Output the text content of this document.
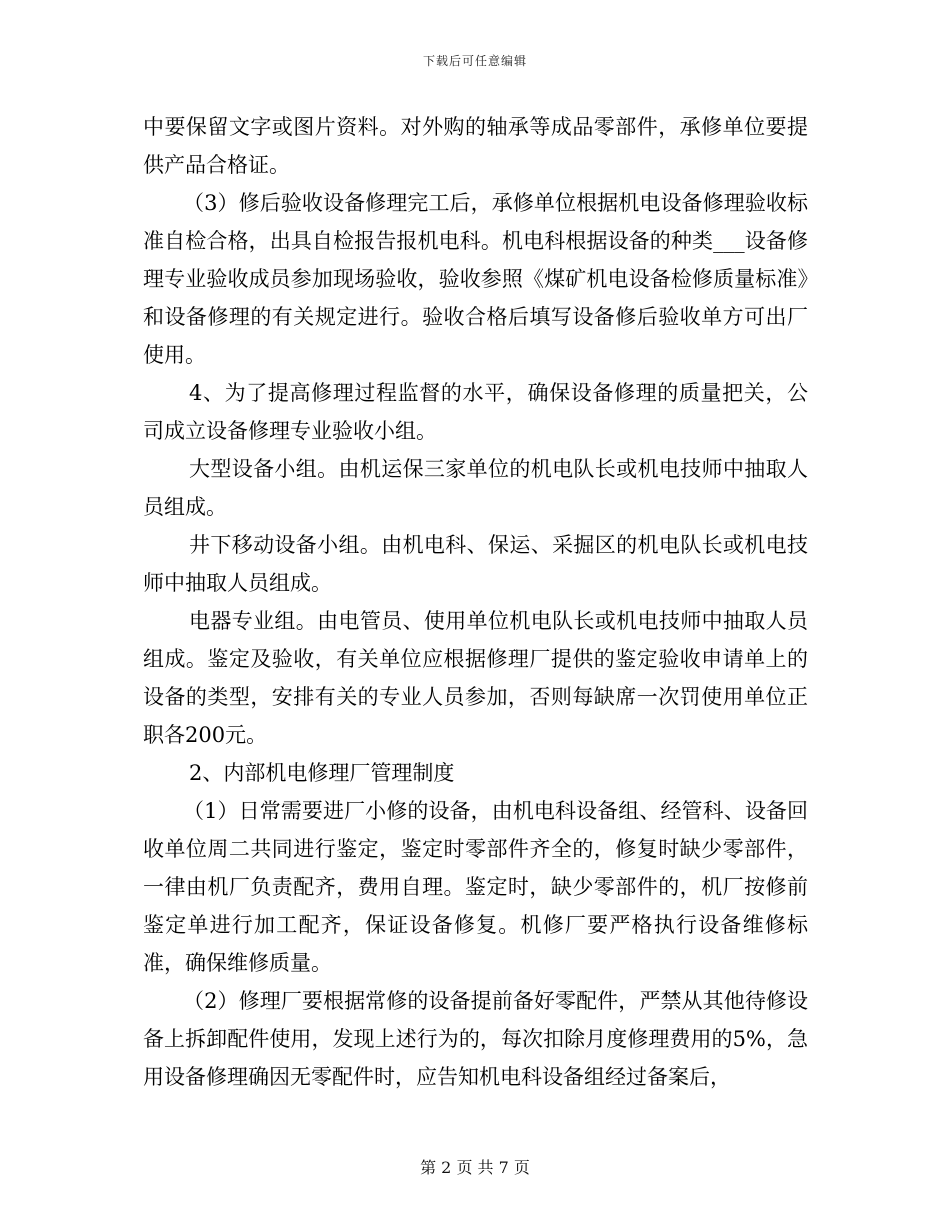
下载后可任意编辑

中要保留文字或图片资料。对外购的轴承等成品零部件，承修单位要提供产品合格证。

（3）修后验收设备修理完工后，承修单位根据机电设备修理验收标准自检合格，出具自检报告报机电科。机电科根据设备的种类___设备修理专业验收成员参加现场验收，验收参照《煤矿机电设备检修质量标准》和设备修理的有关规定进行。验收合格后填写设备修后验收单方可出厂使用。

4、为了提高修理过程监督的水平，确保设备修理的质量把关，公司成立设备修理专业验收小组。

大型设备小组。由机运保三家单位的机电队长或机电技师中抽取人员组成。

井下移动设备小组。由机电科、保运、采掘区的机电队长或机电技师中抽取人员组成。

电器专业组。由电管员、使用单位机电队长或机电技师中抽取人员组成。鉴定及验收，有关单位应根据修理厂提供的鉴定验收申请单上的设备的类型，安排有关的专业人员参加，否则每缺席一次罚使用单位正职各200元。

2、内部机电修理厂管理制度

（1）日常需要进厂小修的设备，由机电科设备组、经管科、设备回收单位周二共同进行鉴定，鉴定时零部件齐全的，修复时缺少零部件，一律由机厂负责配齐，费用自理。鉴定时，缺少零部件的，机厂按修前鉴定单进行加工配齐，保证设备修复。机修厂要严格执行设备维修标准，确保维修质量。

（2）修理厂要根据常修的设备提前备好零配件，严禁从其他待修设备上拆卸配件使用，发现上述行为的，每次扣除月度修理费用的5%，急用设备修理确因无零配件时，应告知机电科设备组经过备案后，

第 2 页 共 7 页
